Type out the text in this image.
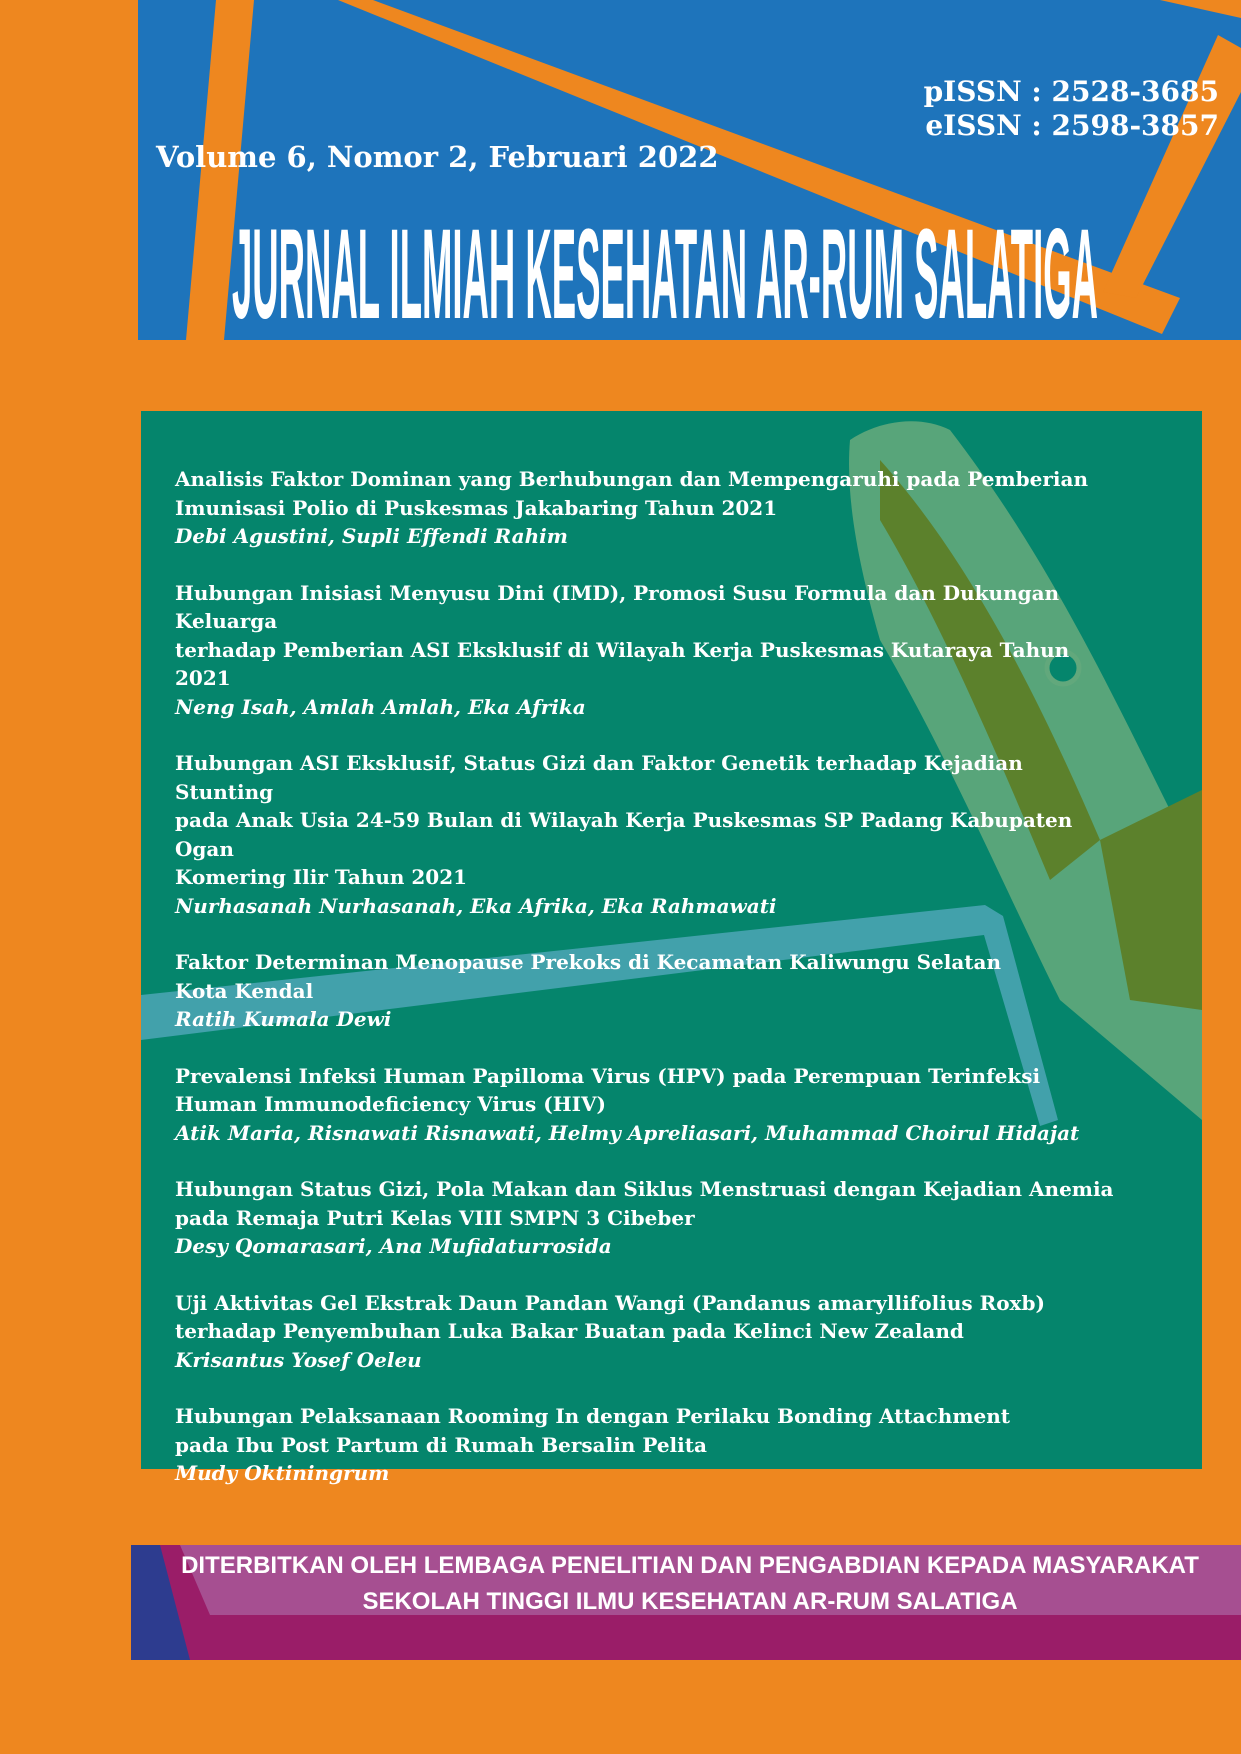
pISSN : 2528-3685
eISSN : 2598-3857
Volume 6, Nomor 2, Februari 2022
JURNAL ILMIAH KESEHATAN AR-RUM SALATIGA
Analisis Faktor Dominan yang Berhubungan dan Mempengaruhi pada Pemberian
Imunisasi Polio di Puskesmas Jakabaring Tahun 2021
Debi Agustini, Supli Effendi Rahim
Hubungan Inisiasi Menyusu Dini (IMD), Promosi Susu Formula dan Dukungan Keluarga
terhadap Pemberian ASI Eksklusif di Wilayah Kerja Puskesmas Kutaraya Tahun 2021
Neng Isah, Amlah Amlah, Eka Afrika
Hubungan ASI Eksklusif, Status Gizi dan Faktor Genetik terhadap Kejadian Stunting
pada Anak Usia 24-59 Bulan di Wilayah Kerja Puskesmas SP Padang Kabupaten Ogan
Komering Ilir Tahun 2021
Nurhasanah Nurhasanah, Eka Afrika, Eka Rahmawati
Faktor Determinan Menopause Prekoks di Kecamatan Kaliwungu Selatan
Kota Kendal
Ratih Kumala Dewi
Prevalensi Infeksi Human Papilloma Virus (HPV) pada Perempuan Terinfeksi
Human Immunodeficiency Virus (HIV)
Atik Maria, Risnawati Risnawati, Helmy Apreliasari, Muhammad Choirul Hidajat
Hubungan Status Gizi, Pola Makan dan Siklus Menstruasi dengan Kejadian Anemia
pada Remaja Putri Kelas VIII SMPN 3 Cibeber
Desy Qomarasari, Ana Mufidaturrosida
Uji Aktivitas Gel Ekstrak Daun Pandan Wangi (Pandanus amaryllifolius Roxb)
terhadap Penyembuhan Luka Bakar Buatan pada Kelinci New Zealand
Krisantus Yosef Oeleu
Hubungan Pelaksanaan Rooming In dengan Perilaku Bonding Attachment
pada Ibu Post Partum di Rumah Bersalin Pelita
Mudy Oktiningrum
DITERBITKAN OLEH LEMBAGA PENELITIAN DAN PENGABDIAN KEPADA MASYARAKAT
SEKOLAH TINGGI ILMU KESEHATAN AR-RUM SALATIGA
